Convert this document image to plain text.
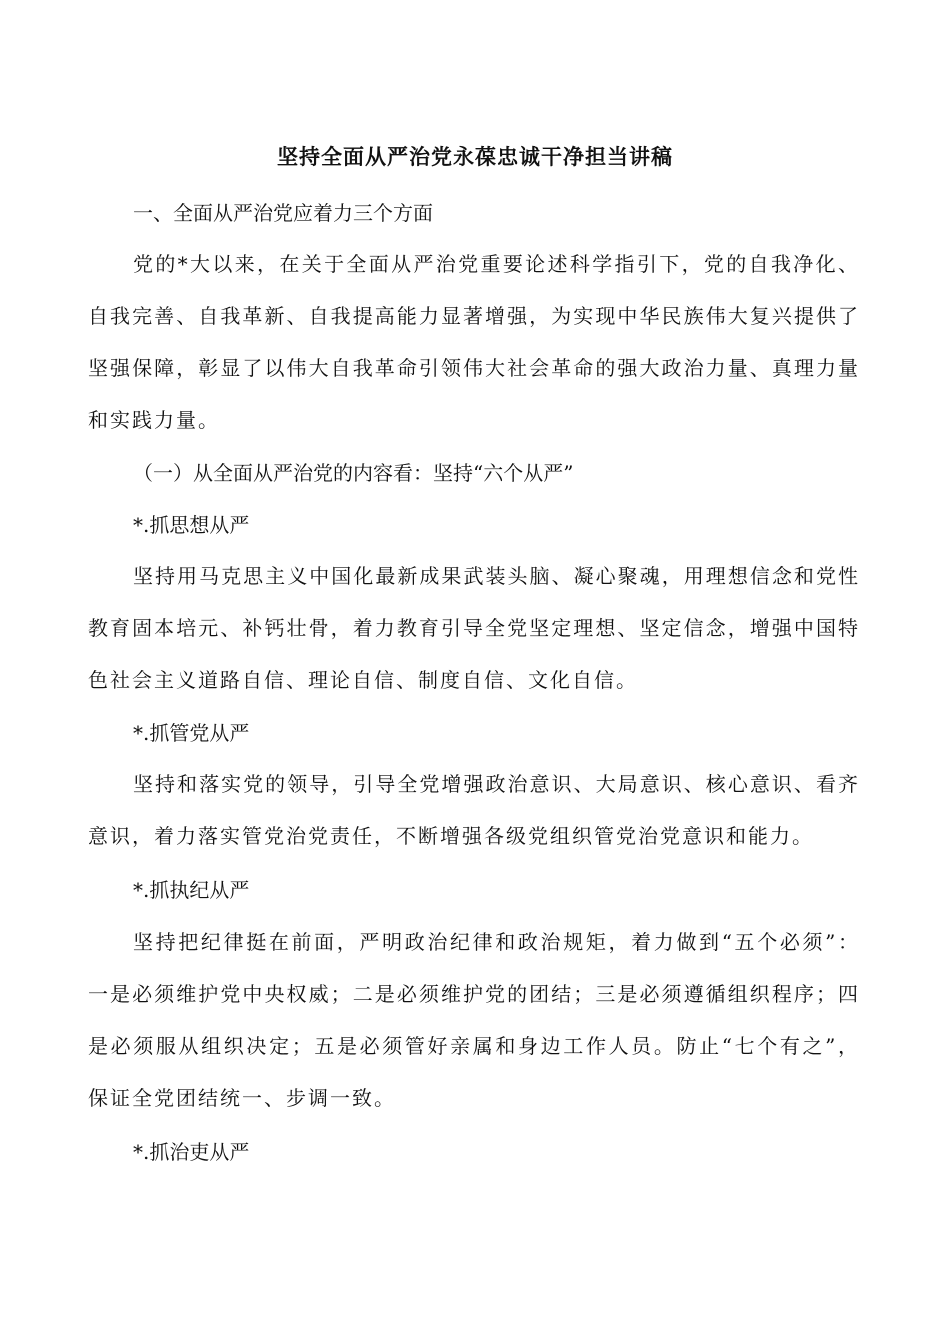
坚持全面从严治党永葆忠诚干净担当讲稿
一、全面从严治党应着力三个方面
党的*大以来，在关于全面从严治党重要论述科学指引下，党的自我净化、自我完善、自我革新、自我提高能力显著增强，为实现中华民族伟大复兴提供了坚强保障，彰显了以伟大自我革命引领伟大社会革命的强大政治力量、真理力量和实践力量。
（一）从全面从严治党的内容看：坚持“六个从严”
*.抓思想从严
坚持用马克思主义中国化最新成果武装头脑、凝心聚魂，用理想信念和党性教育固本培元、补钙壮骨，着力教育引导全党坚定理想、坚定信念，增强中国特色社会主义道路自信、理论自信、制度自信、文化自信。
*.抓管党从严
坚持和落实党的领导，引导全党增强政治意识、大局意识、核心意识、看齐意识，着力落实管党治党责任，不断增强各级党组织管党治党意识和能力。
*.抓执纪从严
坚持把纪律挺在前面，严明政治纪律和政治规矩，着力做到“五个必须”：一是必须维护党中央权威；二是必须维护党的团结；三是必须遵循组织程序；四是必须服从组织决定；五是必须管好亲属和身边工作人员。防止“七个有之”，保证全党团结统一、步调一致。
*.抓治吏从严
